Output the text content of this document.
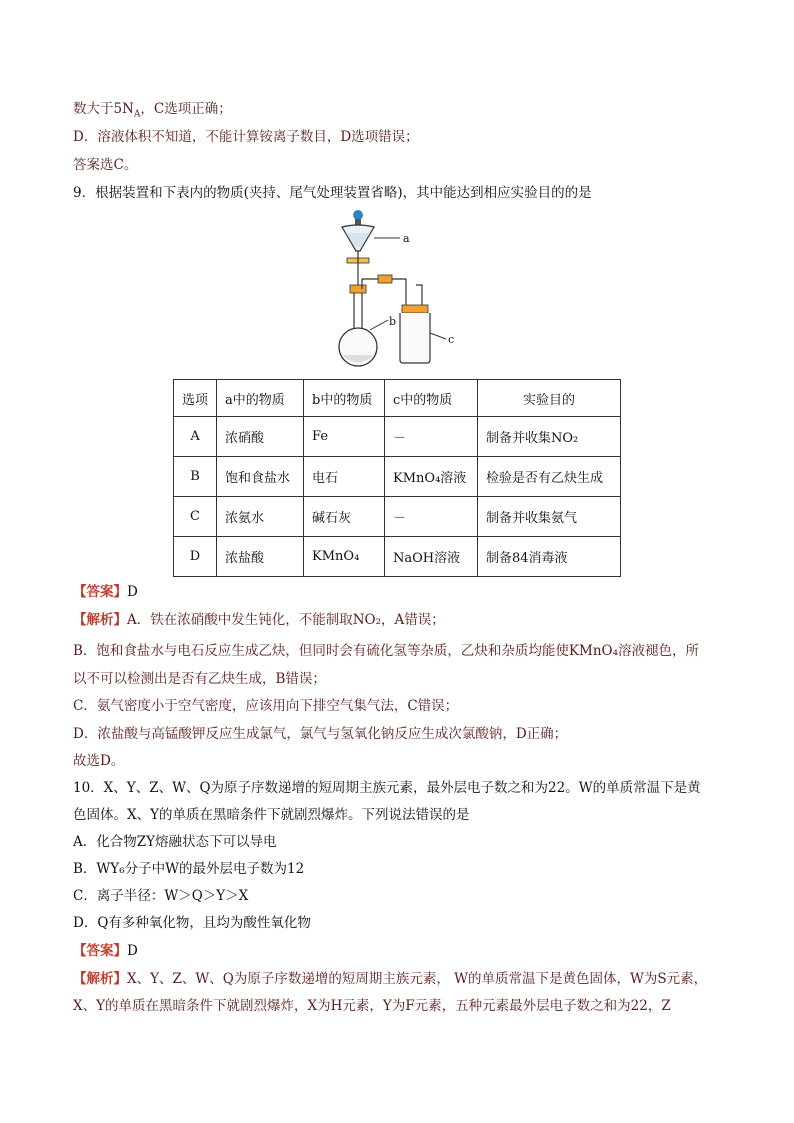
数大于$5N_A$，C选项正确；
D．溶液体积不知道，不能计算铵离子数目，D选项错误；
答案选C。
9．根据装置和下表内的物质(夹持、尾气处理装置省略)，其中能达到相应实验目的的是
a
b
c
选项	a中的物质	b中的物质	c中的物质	实验目的
A	浓硝酸	Fe	－	制备并收集NO₂
B	饱和食盐水	电石	KMnO₄溶液	检验是否有乙炔生成
C	浓氨水	碱石灰	－	制备并收集氨气
D	浓盐酸	KMnO₄	NaOH溶液	制备84消毒液
【答案】D
【解析】A．铁在浓硝酸中发生钝化，不能制取NO₂，A错误；
B．饱和食盐水与电石反应生成乙炔，但同时会有硫化氢等杂质，乙炔和杂质均能使KMnO₄溶液褪色，所
以不可以检测出是否有乙炔生成，B错误；
C．氨气密度小于空气密度，应该用向下排空气集气法，C错误；
D．浓盐酸与高锰酸钾反应生成氯气，氯气与氢氧化钠反应生成次氯酸钠，D正确；
故选D。
10．X、Y、Z、W、Q为原子序数递增的短周期主族元素，最外层电子数之和为22。W的单质常温下是黄
色固体。X、Y的单质在黑暗条件下就剧烈爆炸。下列说法错误的是
A．化合物ZY熔融状态下可以导电
B．WY₆分子中W的最外层电子数为12
C．离子半径：W＞Q＞Y＞X
D．Q有多种氧化物，且均为酸性氧化物
【答案】D
【解析】X、Y、Z、W、Q为原子序数递增的短周期主族元素， W的单质常温下是黄色固体，W为S元素，
X、Y的单质在黑暗条件下就剧烈爆炸，X为H元素，Y为F元素，五种元素最外层电子数之和为22，Z
